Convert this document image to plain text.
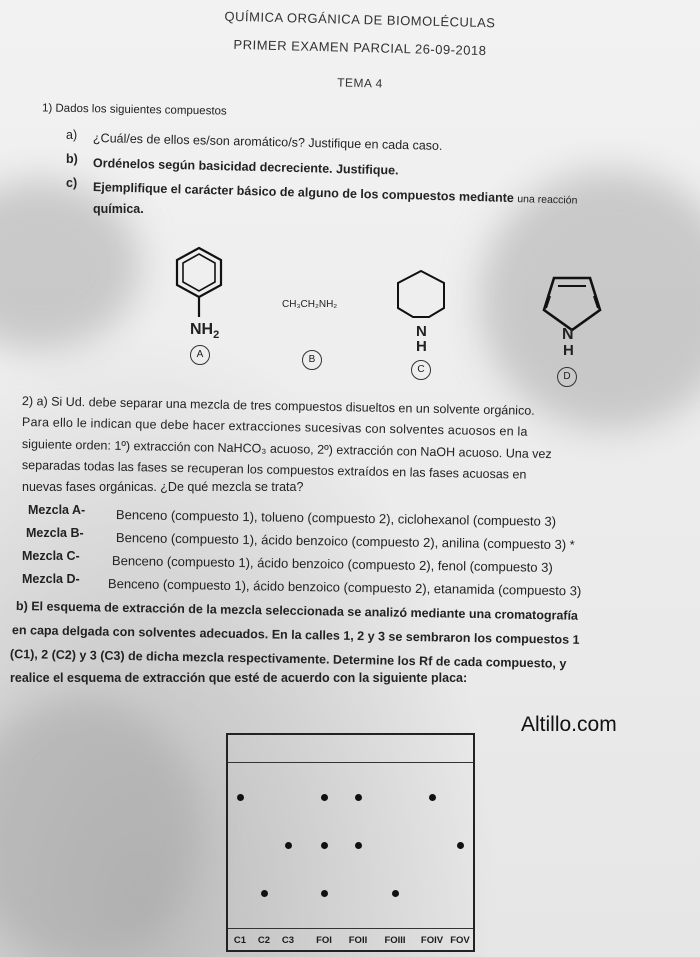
QUÍMICA ORGÁNICA DE BIOMOLÉCULAS
PRIMER EXAMEN PARCIAL 26-09-2018
TEMA 4
1) Dados los siguientes compuestos
a) ¿Cuál/es de ellos es/son aromático/s? Justifique en cada caso.
b) Ordénelos según basicidad decreciente. Justifique.
c) Ejemplifique el carácter básico de alguno de los compuestos mediante una reacción
química.
$NH_2$
A
CH₃CH₂NH₂
B
N
H
C
N
H
D
2) a) Si Ud. debe separar una mezcla de tres compuestos disueltos en un solvente orgánico.
Para ello le indican que debe hacer extracciones sucesivas con solventes acuosos en la
siguiente orden: 1º) extracción con NaHCO₃ acuoso, 2º) extracción con NaOH acuoso. Una vez
separadas todas las fases se recuperan los compuestos extraídos en las fases acuosas en
nuevas fases orgánicas. ¿De qué mezcla se trata?
Mezcla A- Benceno (compuesto 1), tolueno (compuesto 2), ciclohexanol (compuesto 3)
Mezcla B- Benceno (compuesto 1), ácido benzoico (compuesto 2), anilina (compuesto 3) *
Mezcla C- Benceno (compuesto 1), ácido benzoico (compuesto 2), fenol (compuesto 3)
Mezcla D- Benceno (compuesto 1), ácido benzoico (compuesto 2), etanamida (compuesto 3)
b) El esquema de extracción de la mezcla seleccionada se analizó mediante una cromatografía
en capa delgada con solventes adecuados. En la calles 1, 2 y 3 se sembraron los compuestos 1
(C1), 2 (C2) y 3 (C3) de dicha mezcla respectivamente. Determine los Rf de cada compuesto, y
realice el esquema de extracción que esté de acuerdo con la siguiente placa:
Altillo.com
C1	C2	C3	FOI	FOII	FOIII	FOIV FOV
